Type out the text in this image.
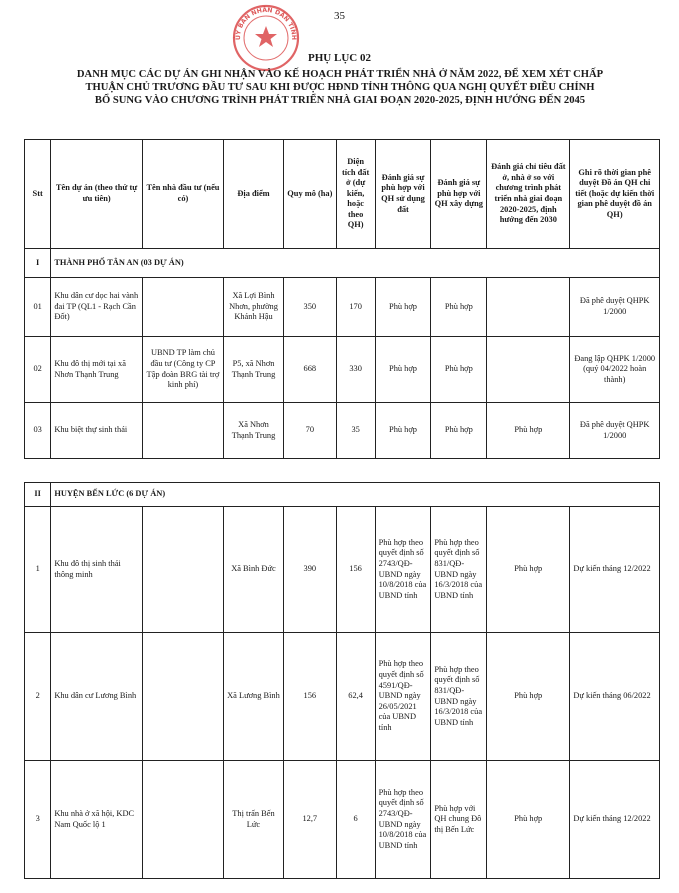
35
ỦY BAN NHÂN DÂN TỈNH
PHỤ LỤC 02
DANH MỤC CÁC DỰ ÁN GHI NHẬN VÀO KẾ HOẠCH PHÁT TRIỂN NHÀ Ở NĂM 2022, ĐỂ XEM XÉT CHẤP
THUẬN CHỦ TRƯƠNG ĐẦU TƯ SAU KHI ĐƯỢC HĐND TỈNH THÔNG QUA NGHỊ QUYẾT ĐIỀU CHỈNH
BỔ SUNG VÀO CHƯƠNG TRÌNH PHÁT TRIỂN NHÀ GIAI ĐOẠN 2020-2025, ĐỊNH HƯỚNG ĐẾN 2045
Stt	Tên dự án (theo thứ tự ưu tiên)	Tên nhà đầu tư (nếu có)	Địa điểm	Quy mô (ha)	Diện tích đất ở (dự kiến, hoặc theo QH)	Đánh giá sự phù hợp với QH sử dụng đất	Đánh giá sự phù hợp với QH xây dựng	Đánh giá chỉ tiêu đất ở, nhà ở so với chương trình phát triển nhà giai đoạn 2020-2025, định hướng đến 2030	Ghi rõ thời gian phê duyệt Đồ án QH chi tiết (hoặc dự kiến thời gian phê duyệt đồ án QH)
I	THÀNH PHỐ TÂN AN (03 DỰ ÁN)								
01	Khu dân cư dọc hai vành đai TP (QL1 - Rạch Cần Đốt)		Xã Lợi Bình Nhơn, phường Khánh Hậu	350	170	Phù hợp	Phù hợp		Đã phê duyệt QHPK 1/2000
02	Khu đô thị mới tại xã Nhơn Thạnh Trung	UBND TP làm chủ đầu tư (Công ty CP Tập đoàn BRG tài trợ kinh phí)	P5, xã Nhơn Thạnh Trung	668	330	Phù hợp	Phù hợp		Đang lập QHPK 1/2000 (quý 04/2022 hoàn thành)
03	Khu biệt thự sinh thái		Xã Nhơn Thạnh Trung	70	35	Phù hợp	Phù hợp	Phù hợp	Đã phê duyệt QHPK 1/2000
II	HUYỆN BẾN LỨC (6 DỰ ÁN)								
1	Khu đô thị sinh thái thông minh		Xã Bình Đức	390	156	Phù hợp theo quyết định số 2743/QĐ-UBND ngày 10/8/2018 của UBND tỉnh	Phù hợp theo quyết định số 831/QĐ-UBND ngày 16/3/2018 của UBND tỉnh	Phù hợp	Dự kiến tháng 12/2022
2	Khu dân cư Lương Bình		Xã Lương Bình	156	62,4	Phù hợp theo quyết định số 4591/QĐ-UBND ngày 26/05/2021 của UBND tỉnh	Phù hợp theo quyết định số 831/QĐ-UBND ngày 16/3/2018 của UBND tỉnh	Phù hợp	Dự kiến tháng 06/2022
3	Khu nhà ở xã hội, KDC Nam Quốc lộ 1		Thị trấn Bến Lức	12,7	6	Phù hợp theo quyết định số 2743/QĐ-UBND ngày 10/8/2018 của UBND tỉnh	Phù hợp với QH chung Đô thị Bến Lức	Phù hợp	Dự kiến tháng 12/2022
